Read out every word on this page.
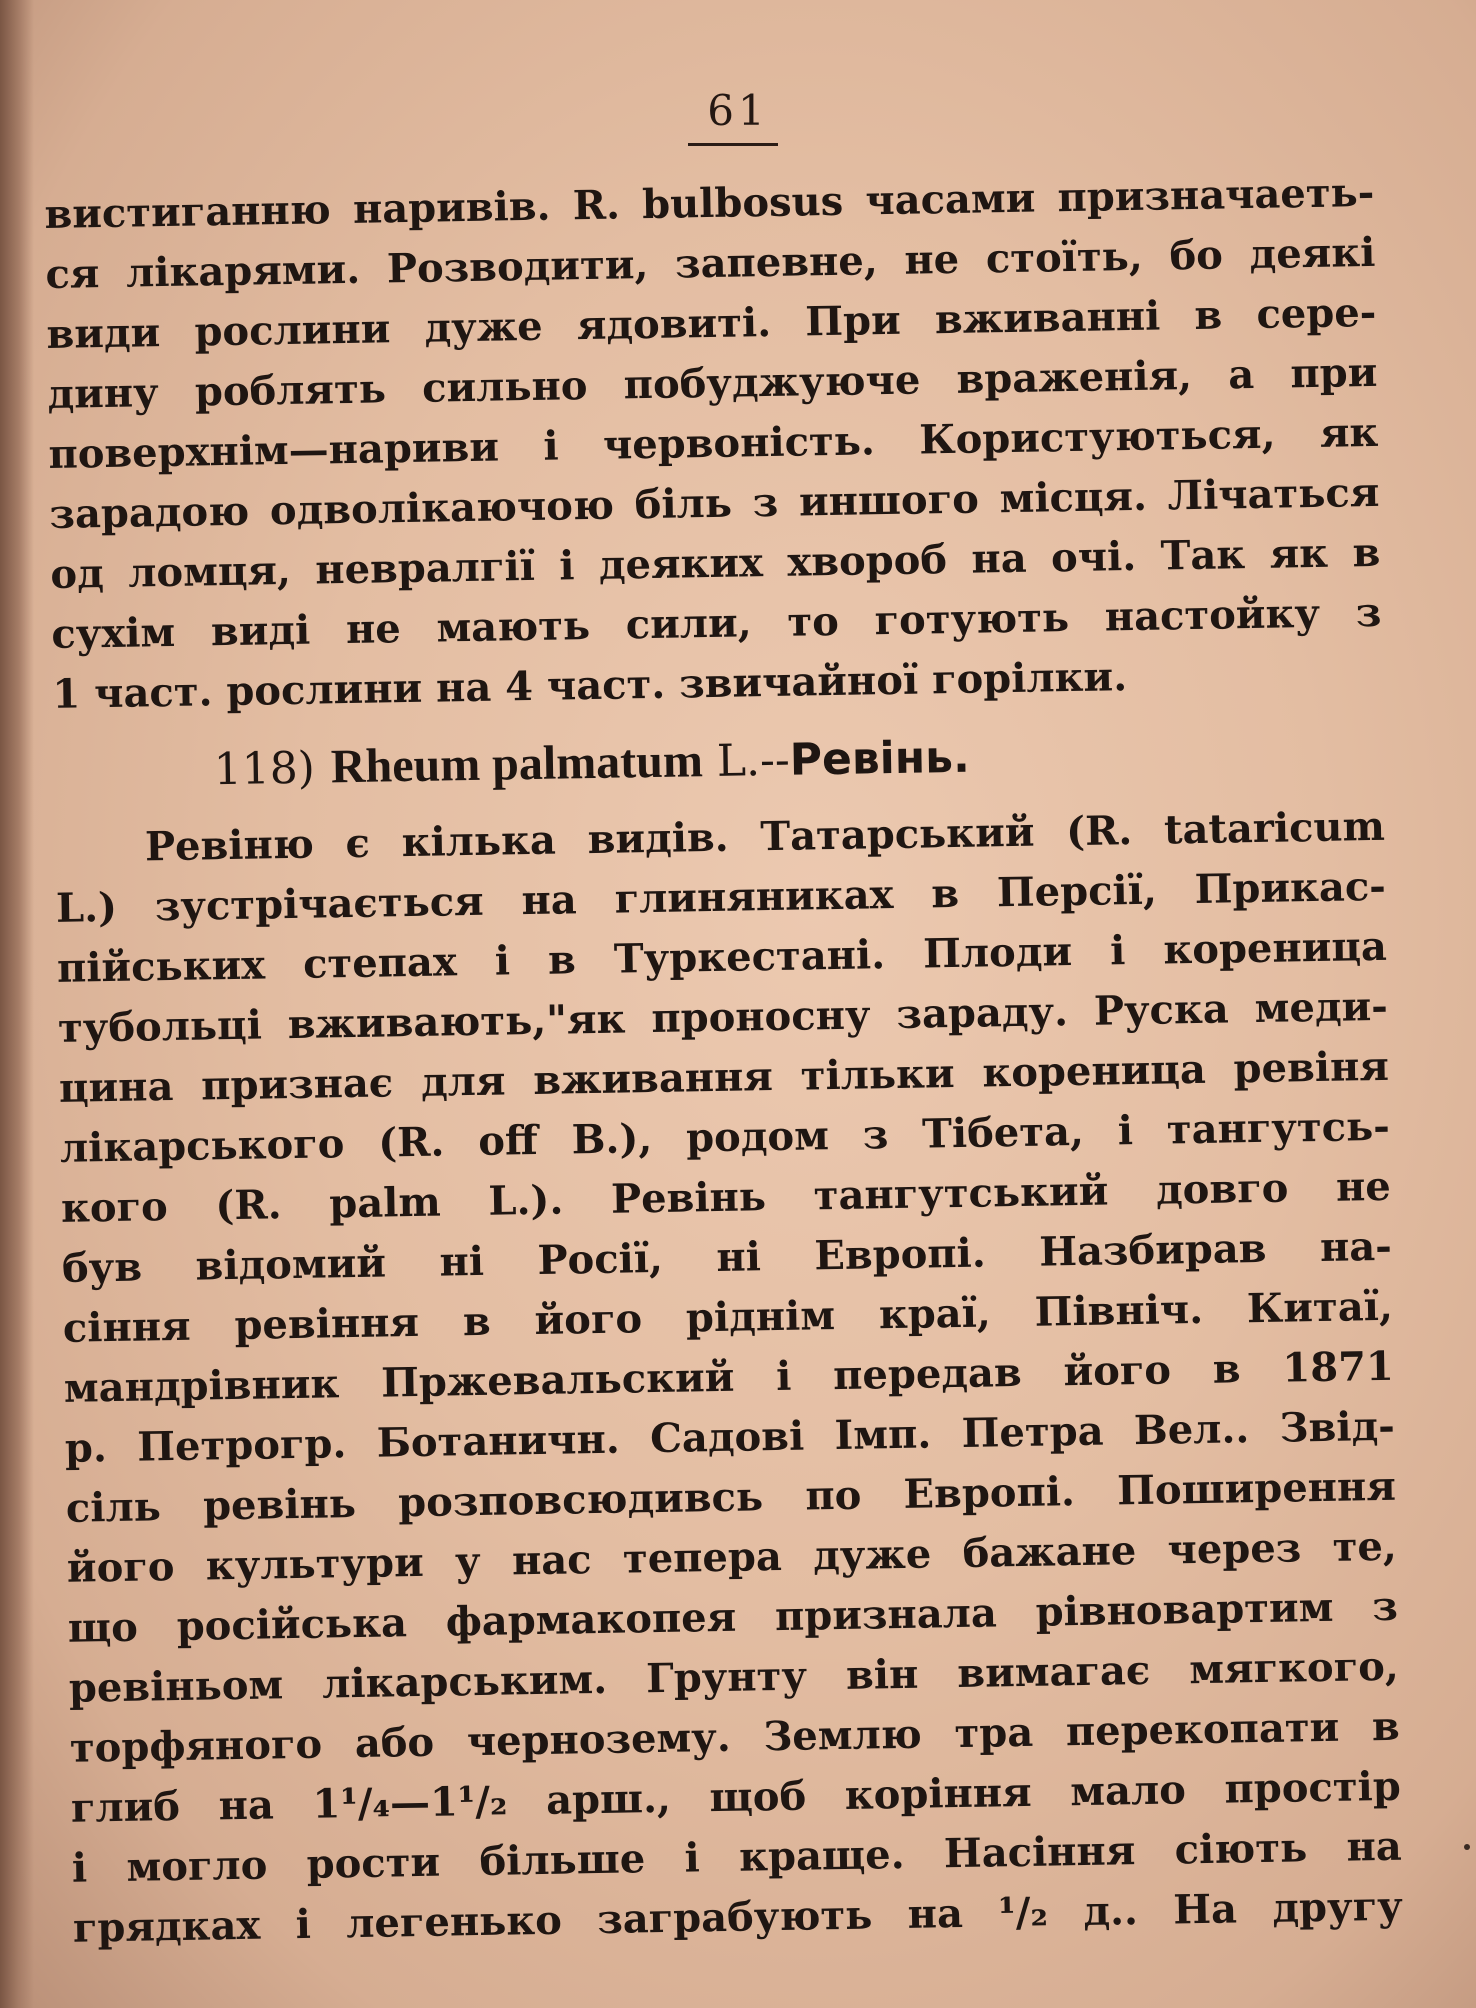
61
вистиганню наривів. R. bulbosus часами призначаеть-
ся лікарями. Розводити, запевне, не стоїть, бо деякі
види рослини дуже ядовиті. При вживанні в сере-
дину роблять сильно побуджуюче враженія, а при
поверхнім—нариви і червоність. Користуються, як
зарадою одволікаючою біль з иншого місця. Лічаться
од ломця, невралгії і деяких хвороб на очі. Так як в
сухім виді не мають сили, то готують настойку з
1 част. рослини на 4 част. звичайної горілки.
118) Rheum palmatum L.--Ревінь.
Ревіню є кілька видів. Татарський (R. tataricum
L.) зустрічається на глиняниках в Персії, Прикас-
пійських степах і в Туркестані. Плоди і кореница
тубольці вживають,"як проносну зараду. Руска меди-
цина признає для вживання тільки кореница ревіня
лікарського (R. off B.), родом з Тібета, і тангутсь-
кого (R. palm L.). Ревінь тангутський довго не
був відомий ні Росії, ні Европі. Назбирав на-
сіння ревіння в його ріднім краї, Північ. Китаї,
мандрівник Пржевальский і передав його в 1871
р. Петрогр. Ботаничн. Садові Імп. Петра Вел.. Звід-
сіль ревінь розповсюдивсь по Европі. Поширення
його культури у нас тепера дуже бажане через те,
що російська фармакопея признала рівновартим з
ревіньом лікарським. Грунту він вимагає мягкого,
торфяного або чернозему. Землю тра перекопати в
глиб на 1¹/₄—1¹/₂ арш., щоб коріння мало простір
і могло рости більше і краще. Насіння сіють на
грядках і легенько заграбують на ¹/₂ д.. На другу
